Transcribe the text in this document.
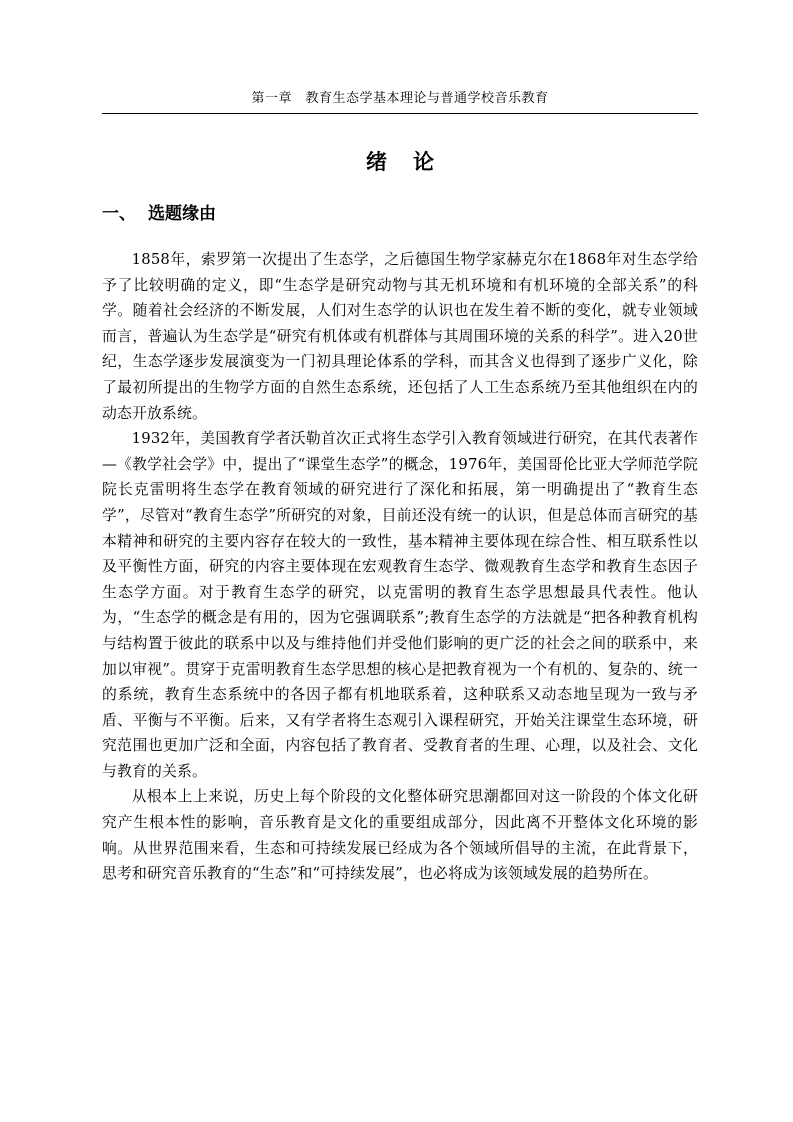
第一章　教育生态学基本理论与普通学校音乐教育
绪论
一、 选题缘由

1858年，索罗第一次提出了生态学，之后德国生物学家赫克尔在1868年对生态学给予了比较明确的定义，即“生态学是研究动物与其无机环境和有机环境的全部关系”的科学。随着社会经济的不断发展，人们对生态学的认识也在发生着不断的变化，就专业领域而言，普遍认为生态学是“研究有机体或有机群体与其周围环境的关系的科学”。进入20世纪，生态学逐步发展演变为一门初具理论体系的学科，而其含义也得到了逐步广义化，除了最初所提出的生物学方面的自然生态系统，还包括了人工生态系统乃至其他组织在内的动态开放系统。

1932年，美国教育学者沃勒首次正式将生态学引入教育领域进行研究，在其代表著作—《教学社会学》中，提出了“课堂生态学”的概念，1976年，美国哥伦比亚大学师范学院院长克雷明将生态学在教育领域的研究进行了深化和拓展，第一明确提出了“教育生态学”，尽管对“教育生态学”所研究的对象，目前还没有统一的认识，但是总体而言研究的基本精神和研究的主要内容存在较大的一致性，基本精神主要体现在综合性、相互联系性以及平衡性方面，研究的内容主要体现在宏观教育生态学、微观教育生态学和教育生态因子生态学方面。对于教育生态学的研究，以克雷明的教育生态学思想最具代表性。他认为，“生态学的概念是有用的，因为它强调联系”;教育生态学的方法就是“把各种教育机构与结构置于彼此的联系中以及与维持他们并受他们影响的更广泛的社会之间的联系中，来加以审视”。贯穿于克雷明教育生态学思想的核心是把教育视为一个有机的、复杂的、统一的系统，教育生态系统中的各因子都有机地联系着，这种联系又动态地呈现为一致与矛盾、平衡与不平衡。后来，又有学者将生态观引入课程研究，开始关注课堂生态环境，研究范围也更加广泛和全面，内容包括了教育者、受教育者的生理、心理，以及社会、文化与教育的关系。

从根本上上来说，历史上每个阶段的文化整体研究思潮都回对这一阶段的个体文化研究产生根本性的影响，音乐教育是文化的重要组成部分，因此离不开整体文化环境的影响。从世界范围来看，生态和可持续发展已经成为各个领域所倡导的主流，在此背景下，思考和研究音乐教育的“生态”和“可持续发展”，也必将成为该领域发展的趋势所在。
